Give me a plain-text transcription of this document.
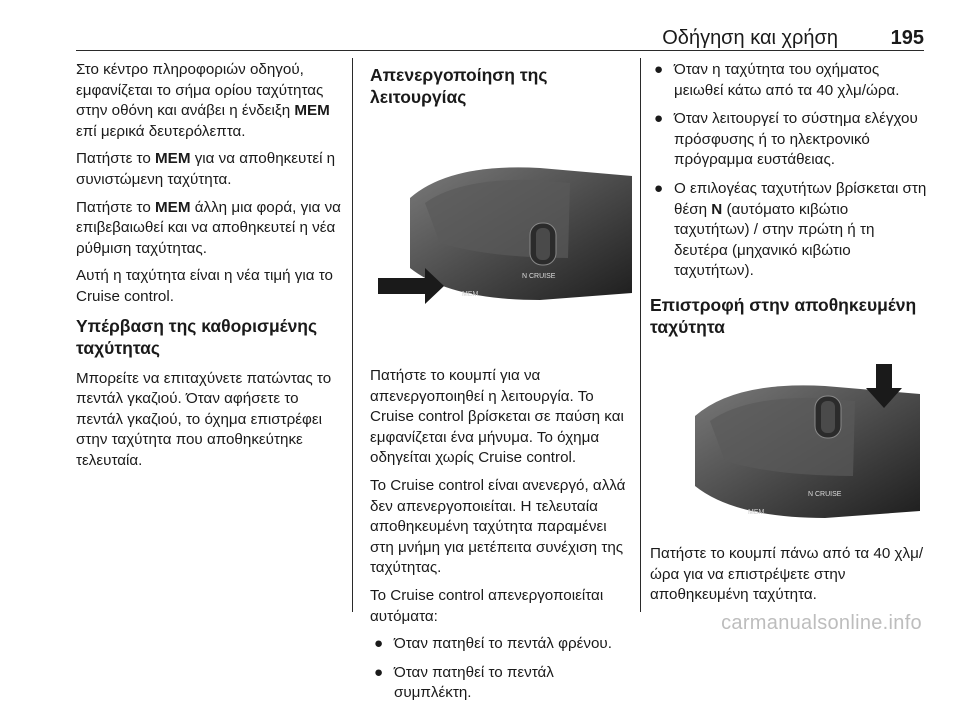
Οδήγηση και χρήση	195

Στο κέντρο πληροφοριών οδηγού, εμφανίζεται το σήμα ορίου ταχύτητας στην οθόνη και ανάβει η ένδειξη MEM επί μερικά δευτερόλεπτα.

Πατήστε το MEM για να αποθηκευτεί η συνιστώμενη ταχύτητα.

Πατήστε το MEM άλλη μια φορά, για να επιβεβαιωθεί και να αποθηκευτεί η νέα ρύθμιση ταχύτητας.

Αυτή η ταχύτητα είναι η νέα τιμή για το Cruise control.

Υπέρβαση της καθορισμένης ταχύτητας

Μπορείτε να επιταχύνετε πατώντας το πεντάλ γκαζιού. Όταν αφήσετε το πεντάλ γκαζιού, το όχημα επιστρέφει στην ταχύτητα που αποθηκεύτηκε τελευταία.

Απενεργοποίηση της λειτουργίας
N CRUISE
MEM

Πατήστε το κουμπί για να απενεργοποιηθεί η λειτουργία. Το Cruise control βρίσκεται σε παύση και εμφανίζεται ένα μήνυμα. Το όχημα οδηγείται χωρίς Cruise control.

Το Cruise control είναι ανενεργό, αλλά δεν απενεργοποιείται. Η τελευταία αποθηκευμένη ταχύτητα παραμένει στη μνήμη για μετέπειτα συνέχιση της ταχύτητας.

Το Cruise control απενεργοποιείται αυτόματα:

● Όταν πατηθεί το πεντάλ φρένου.
● Όταν πατηθεί το πεντάλ συμπλέκτη.
● Όταν η ταχύτητα του οχήματος μειωθεί κάτω από τα 40 χλμ/ώρα.
● Όταν λειτουργεί το σύστημα ελέγχου πρόσφυσης ή το ηλεκτρονικό πρόγραμμα ευστάθειας.
● Ο επιλογέας ταχυτήτων βρίσκεται στη θέση N (αυτόματο κιβώτιο ταχυτήτων) / στην πρώτη ή τη δευτέρα (μηχανικό κιβώτιο ταχυτήτων).
Επιστροφή στην αποθηκευμένη ταχύτητα
N CRUISE
MEM

Πατήστε το κουμπί πάνω από τα 40 χλμ/ώρα για να επιστρέψετε στην αποθηκευμένη ταχύτητα.

carmanualsonline.info
